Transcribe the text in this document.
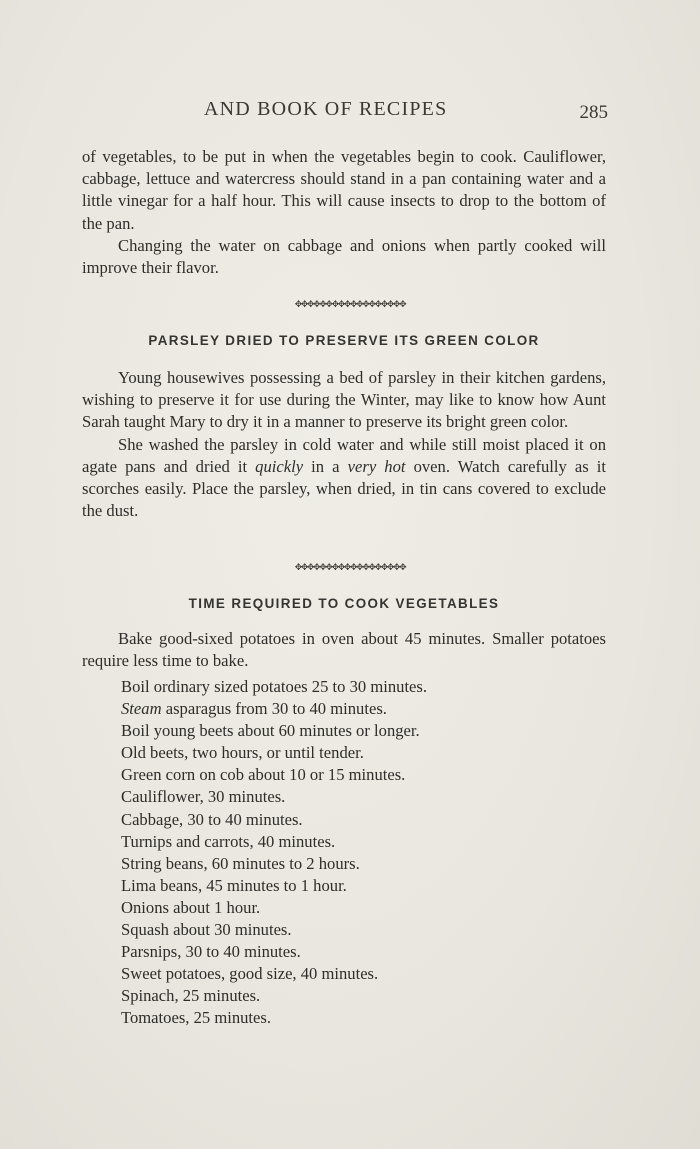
AND BOOK OF RECIPES	285

of vegetables, to be put in when the vegetables begin to cook. Cauliflower, cabbage, lettuce and watercress should stand in a pan containing water and a little vinegar for a half hour. This will cause insects to drop to the bottom of the pan.

Changing the water on cabbage and onions when partly cooked will improve their flavor.

✥✥✥✥✥✥✥✥✥✥✥✥✥✥✥✥✥✥
PARSLEY DRIED TO PRESERVE ITS GREEN COLOR

Young housewives possessing a bed of parsley in their kitchen gardens, wishing to preserve it for use during the Winter, may like to know how Aunt Sarah taught Mary to dry it in a manner to preserve its bright green color.

She washed the parsley in cold water and while still moist placed it on agate pans and dried it quickly in a very hot oven. Watch carefully as it scorches easily. Place the parsley, when dried, in tin cans covered to exclude the dust.

✥✥✥✥✥✥✥✥✥✥✥✥✥✥✥✥✥✥
TIME REQUIRED TO COOK VEGETABLES

Bake good-sixed potatoes in oven about 45 minutes. Smaller potatoes require less time to bake.

Boil ordinary sized potatoes 25 to 30 minutes.
Steam asparagus from 30 to 40 minutes.
Boil young beets about 60 minutes or longer.
Old beets, two hours, or until tender.
Green corn on cob about 10 or 15 minutes.
Cauliflower, 30 minutes.
Cabbage, 30 to 40 minutes.
Turnips and carrots, 40 minutes.
String beans, 60 minutes to 2 hours.
Lima beans, 45 minutes to 1 hour.
Onions about 1 hour.
Squash about 30 minutes.
Parsnips, 30 to 40 minutes.
Sweet potatoes, good size, 40 minutes.
Spinach, 25 minutes.
Tomatoes, 25 minutes.
